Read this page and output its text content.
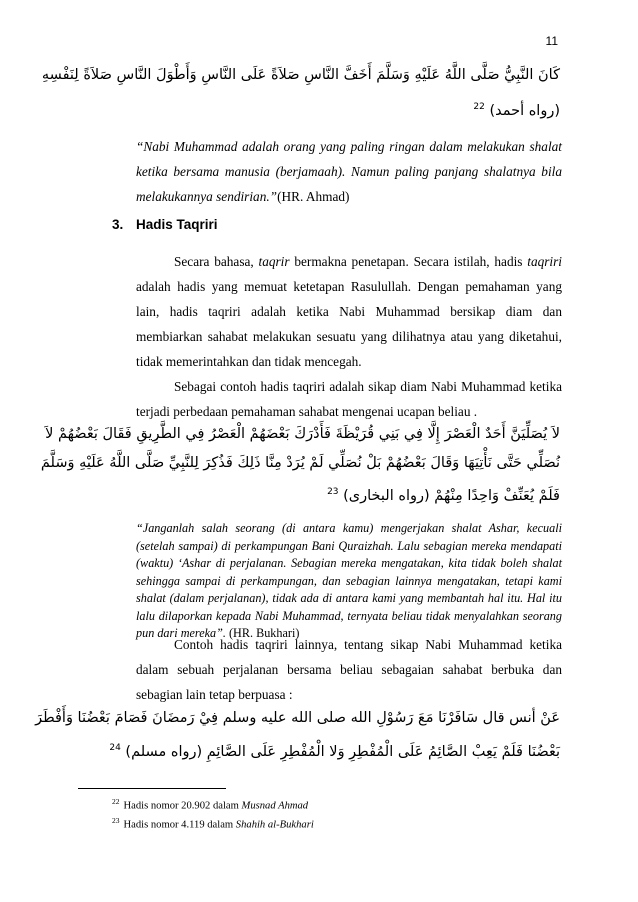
11
كَانَ النَّبِيُّ صَلَّى اللَّهُ عَلَيْهِ وَسَلَّمَ أَخَفَّ النَّاسِ صَلاَةً عَلَى النَّاسِ وَأَطْوَلَ النَّاسِ صَلاَةً لِنَفْسِهِ
(رواه أحمد) $^{22}$
“Nabi Muhammad adalah orang yang paling ringan dalam melakukan shalat ketika bersama manusia (berjamaah). Namun paling panjang shalatnya bila melakukannya sendirian.”(HR. Ahmad)
3. Hadis Taqriri
Secara bahasa, taqrir bermakna penetapan. Secara istilah, hadis taqriri adalah hadis yang memuat ketetapan Rasulullah. Dengan pemahaman yang lain, hadis taqriri adalah ketika Nabi Muhammad bersikap diam dan membiarkan sahabat melakukan sesuatu yang dilihatnya atau yang diketahui, tidak memerintahkan dan tidak mencegah.
Sebagai contoh hadis taqriri adalah sikap diam Nabi Muhammad ketika terjadi perbedaan pemahaman sahabat mengenai ucapan beliau .
لاَ يُصَلِّيَنَّ أَحَدٌ الْعَصْرَ إِلَّا فِي بَنِي قُرَيْظَةَ فَأَدْرَكَ بَعْضَهُمْ الْعَصْرُ فِي الطَّرِيقِ فَقَالَ بَعْضُهُمْ لاَ
نُصَلِّي حَتَّى نَأْتِيَهَا وَقَالَ بَعْضُهُمْ بَلْ نُصَلِّي لَمْ يُرَدْ مِنَّا ذَلِكَ فَذُكِرَ لِلنَّبِيِّ صَلَّى اللَّهُ عَلَيْهِ وَسَلَّمَ
فَلَمْ يُعَنِّفْ وَاحِدًا مِنْهُمْ (رواه البخارى) $^{23}$
“Janganlah salah seorang (di antara kamu) mengerjakan shalat Ashar, kecuali (setelah sampai) di perkampungan Bani Quraizhah. Lalu sebagian mereka mendapati (waktu) ‘Ashar di perjalanan. Sebagian mereka mengatakan, kita tidak boleh shalat sehingga sampai di perkampungan, dan sebagian lainnya mengatakan, tetapi kami shalat (dalam perjalanan), tidak ada di antara kami yang membantah hal itu. Hal itu lalu dilaporkan kepada Nabi Muhammad, ternyata beliau tidak menyalahkan seorang pun dari mereka”. (HR. Bukhari)
Contoh hadis taqriri lainnya, tentang sikap Nabi Muhammad ketika dalam sebuah perjalanan bersama beliau sebagaian sahabat berbuka dan sebagian lain tetap berpuasa :
عَنْ أنس قال سَافَرْنَا مَعَ رَسُوْلِ الله صلى الله عليه وسلم فِيْ رَمضَانَ فَصَامَ بَعْضُنَا وَأَفْطَرَ
بَعْضُنَا فَلَمْ يَعِبْ الصَّائِمُ عَلَى الْمُفْطِرِ وَلا الْمُفْطِرِ عَلَى الصَّائِمِ (رواه مسلم) $^{24}$
$^{22}$ Hadis nomor 20.902 dalam Musnad Ahmad
$^{23}$ Hadis nomor 4.119 dalam Shahih al-Bukhari
